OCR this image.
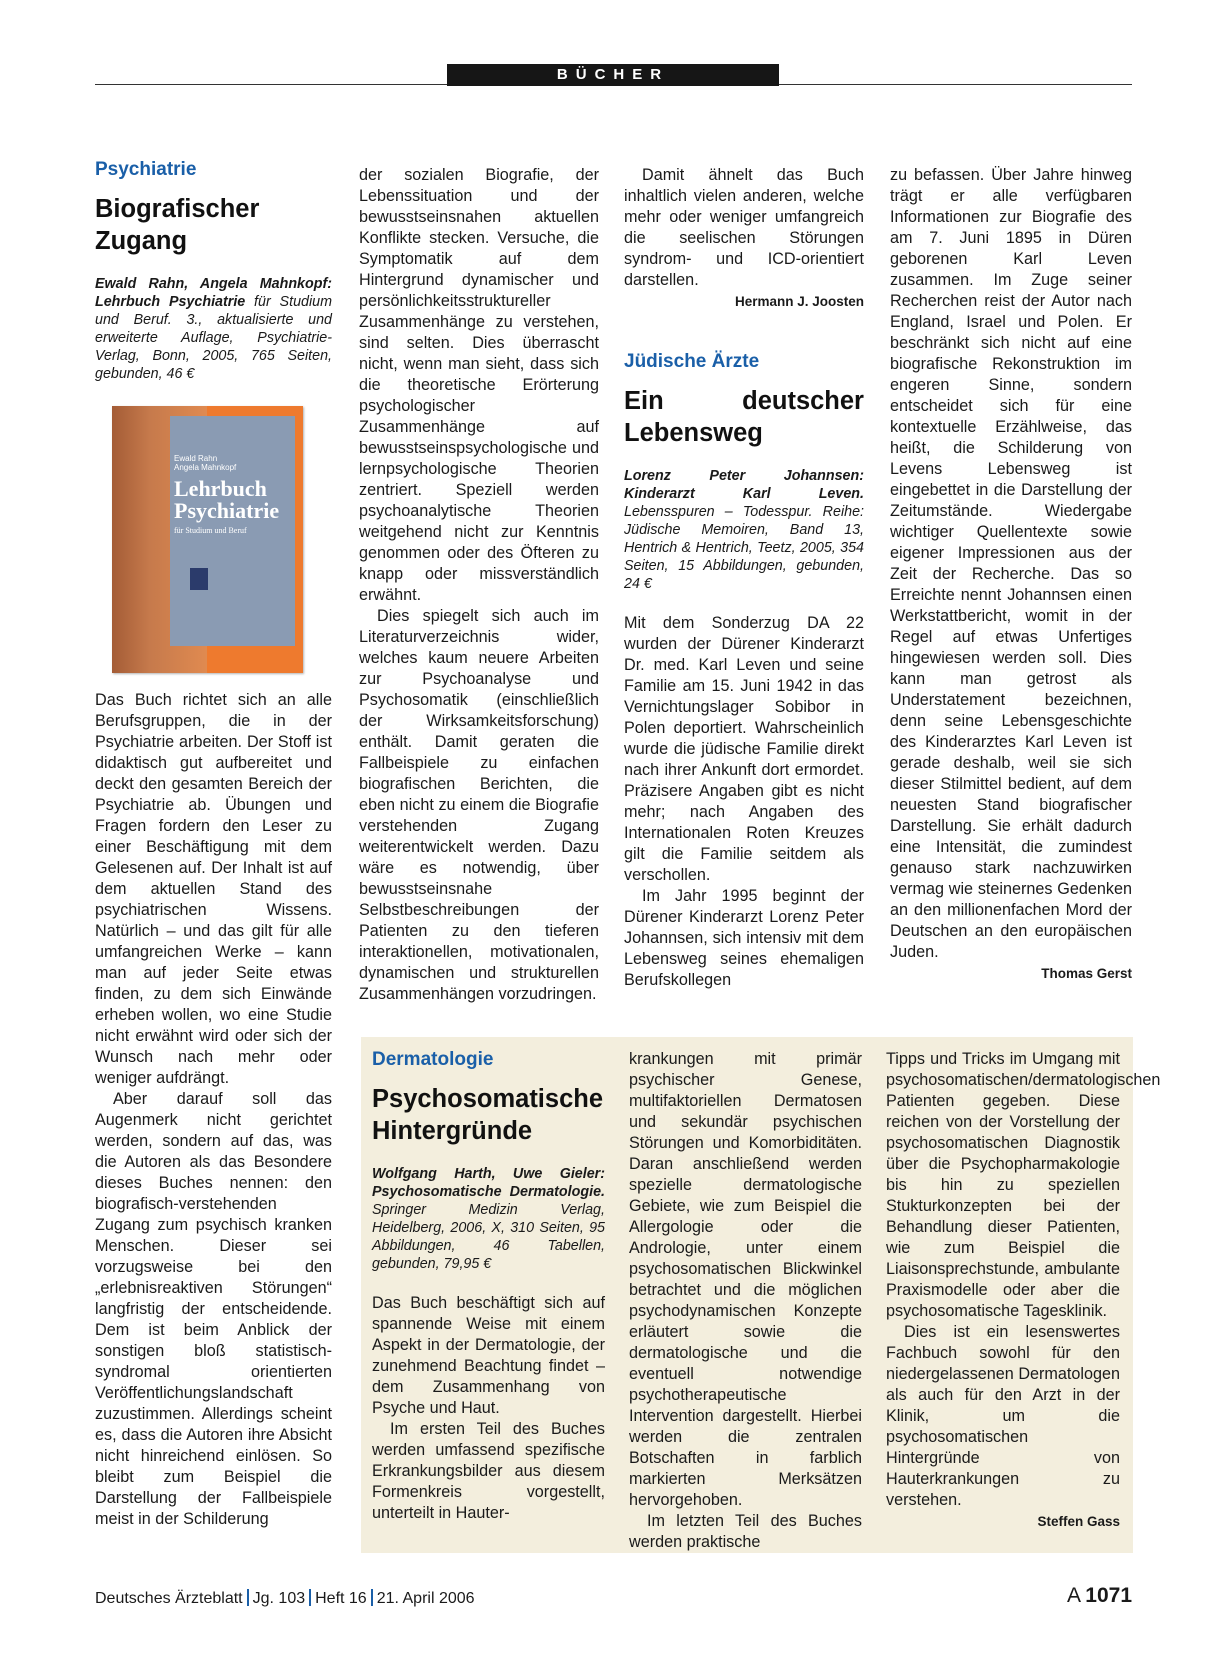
BÜCHER
Psychiatrie
Biografischer Zugang
Ewald Rahn, Angela Mahnkopf: Lehrbuch Psychiatrie für Studium und Beruf. 3., aktualisierte und erweiterte Auflage, Psychiatrie-Verlag, Bonn, 2005, 765 Seiten, gebunden, 46 €
Ewald Rahn
Angela Mahnkopf
Lehrbuch
Psychiatrie
für Studium und Beruf

Das Buch richtet sich an alle Berufsgruppen, die in der Psychiatrie arbeiten. Der Stoff ist didaktisch gut aufbereitet und deckt den gesamten Bereich der Psychiatrie ab. Übungen und Fragen fordern den Leser zu einer Beschäftigung mit dem Gelesenen auf. Der Inhalt ist auf dem aktuellen Stand des psychiatrischen Wissens. Natürlich – und das gilt für alle umfangreichen Werke – kann man auf jeder Seite etwas finden, zu dem sich Einwände erheben wollen, wo eine Studie nicht erwähnt wird oder sich der Wunsch nach mehr oder weniger aufdrängt.

Aber darauf soll das Augenmerk nicht gerichtet werden, sondern auf das, was die Autoren als das Besondere dieses Buches nennen: den biografisch-verstehenden Zugang zum psychisch kranken Menschen. Dieser sei vorzugsweise bei den „erlebnisreaktiven Störungen“ langfristig der entscheidende. Dem ist beim Anblick der sonstigen bloß statistisch-syndromal orientierten Veröffentlichungslandschaft zuzustimmen. Allerdings scheint es, dass die Autoren ihre Absicht nicht hinreichend einlösen. So bleibt zum Beispiel die Darstellung der Fallbeispiele meist in der Schilderung

der sozialen Biografie, der Lebenssituation und der bewusstseinsnahen aktuellen Konflikte stecken. Versuche, die Symptomatik auf dem Hintergrund dynamischer und persönlichkeitsstruktureller Zusammenhänge zu verstehen, sind selten. Dies überrascht nicht, wenn man sieht, dass sich die theoretische Erörterung psychologischer Zusammenhänge auf bewusstseinspsychologische und lernpsychologische Theorien zentriert. Speziell werden psychoanalytische Theorien weitgehend nicht zur Kenntnis genommen oder des Öfteren zu knapp oder missverständlich erwähnt.

Dies spiegelt sich auch im Literaturverzeichnis wider, welches kaum neuere Arbeiten zur Psychoanalyse und Psychosomatik (einschließlich der Wirksamkeitsforschung) enthält. Damit geraten die Fallbeispiele zu einfachen biografischen Berichten, die eben nicht zu einem die Biografie verstehenden Zugang weiterentwickelt werden. Dazu wäre es notwendig, über bewusstseinsnahe Selbstbeschreibungen der Patienten zu den tieferen interaktionellen, motivationalen, dynamischen und strukturellen Zusammenhängen vorzudringen.

Damit ähnelt das Buch inhaltlich vielen anderen, welche mehr oder weniger umfangreich die seelischen Störungen syndrom- und ICD-orientiert darstellen.

Hermann J. Joosten
Jüdische Ärzte
Ein deutscher Lebensweg
Lorenz Peter Johannsen: Kinderarzt Karl Leven. Lebensspuren – Todesspur. Reihe: Jüdische Memoiren, Band 13, Hentrich & Hentrich, Teetz, 2005, 354 Seiten, 15 Abbildungen, gebunden, 24 €

Mit dem Sonderzug DA 22 wurden der Dürener Kinderarzt Dr. med. Karl Leven und seine Familie am 15. Juni 1942 in das Vernichtungslager Sobibor in Polen deportiert. Wahrscheinlich wurde die jüdische Familie direkt nach ihrer Ankunft dort ermordet. Präzisere Angaben gibt es nicht mehr; nach Angaben des Internationalen Roten Kreuzes gilt die Familie seitdem als verschollen.

Im Jahr 1995 beginnt der Dürener Kinderarzt Lorenz Peter Johannsen, sich intensiv mit dem Lebensweg seines ehemaligen Berufskollegen

zu befassen. Über Jahre hinweg trägt er alle verfügbaren Informationen zur Biografie des am 7. Juni 1895 in Düren geborenen Karl Leven zusammen. Im Zuge seiner Recherchen reist der Autor nach England, Israel und Polen. Er beschränkt sich nicht auf eine biografische Rekonstruktion im engeren Sinne, sondern entscheidet sich für eine kontextuelle Erzählweise, das heißt, die Schilderung von Levens Lebensweg ist eingebettet in die Darstellung der Zeitumstände. Wiedergabe wichtiger Quellentexte sowie eigener Impressionen aus der Zeit der Recherche. Das so Erreichte nennt Johannsen einen Werkstattbericht, womit in der Regel auf etwas Unfertiges hingewiesen werden soll. Dies kann man getrost als Understatement bezeichnen, denn seine Lebensgeschichte des Kinderarztes Karl Leven ist gerade deshalb, weil sie sich dieser Stilmittel bedient, auf dem neuesten Stand biografischer Darstellung. Sie erhält dadurch eine Intensität, die zumindest genauso stark nachzuwirken vermag wie steinernes Gedenken an den millionenfachen Mord der Deutschen an den europäischen Juden.

Thomas Gerst
Dermatologie
Psychosomatische Hintergründe
Wolfgang Harth, Uwe Gieler: Psychosomatische Dermatologie. Springer Medizin Verlag, Heidelberg, 2006, X, 310 Seiten, 95 Abbildungen, 46 Tabellen, gebunden, 79,95 €

Das Buch beschäftigt sich auf spannende Weise mit einem Aspekt in der Dermatologie, der zunehmend Beachtung findet – dem Zusammenhang von Psyche und Haut.

Im ersten Teil des Buches werden umfassend spezifische Erkrankungsbilder aus diesem Formenkreis vorgestellt, unterteilt in Hauter-

krankungen mit primär psychischer Genese, multifaktoriellen Dermatosen und sekundär psychischen Störungen und Komorbiditäten. Daran anschließend werden spezielle dermatologische Gebiete, wie zum Beispiel die Allergologie oder die Andrologie, unter einem psychosomatischen Blickwinkel betrachtet und die möglichen psychodynamischen Konzepte erläutert sowie die dermatologische und die eventuell notwendige psychotherapeutische Intervention dargestellt. Hierbei werden die zentralen Botschaften in farblich markierten Merksätzen hervorgehoben.

Im letzten Teil des Buches werden praktische

Tipps und Tricks im Umgang mit psychosomatischen/dermatologischen Patienten gegeben. Diese reichen von der Vorstellung der psychosomatischen Diagnostik über die Psychopharmakologie bis hin zu speziellen Stukturkonzepten bei der Behandlung dieser Patienten, wie zum Beispiel die Liaisonsprechstunde, ambulante Praxismodelle oder aber die psychosomatische Tagesklinik.

Dies ist ein lesenswertes Fachbuch sowohl für den niedergelassenen Dermatologen als auch für den Arzt in der Klinik, um die psychosomatischen Hintergründe von Hauterkrankungen zu verstehen.

Steffen Gass
Deutsches Ärzteblatt Jg. 103 Heft 16 21. April 2006	A  1071
